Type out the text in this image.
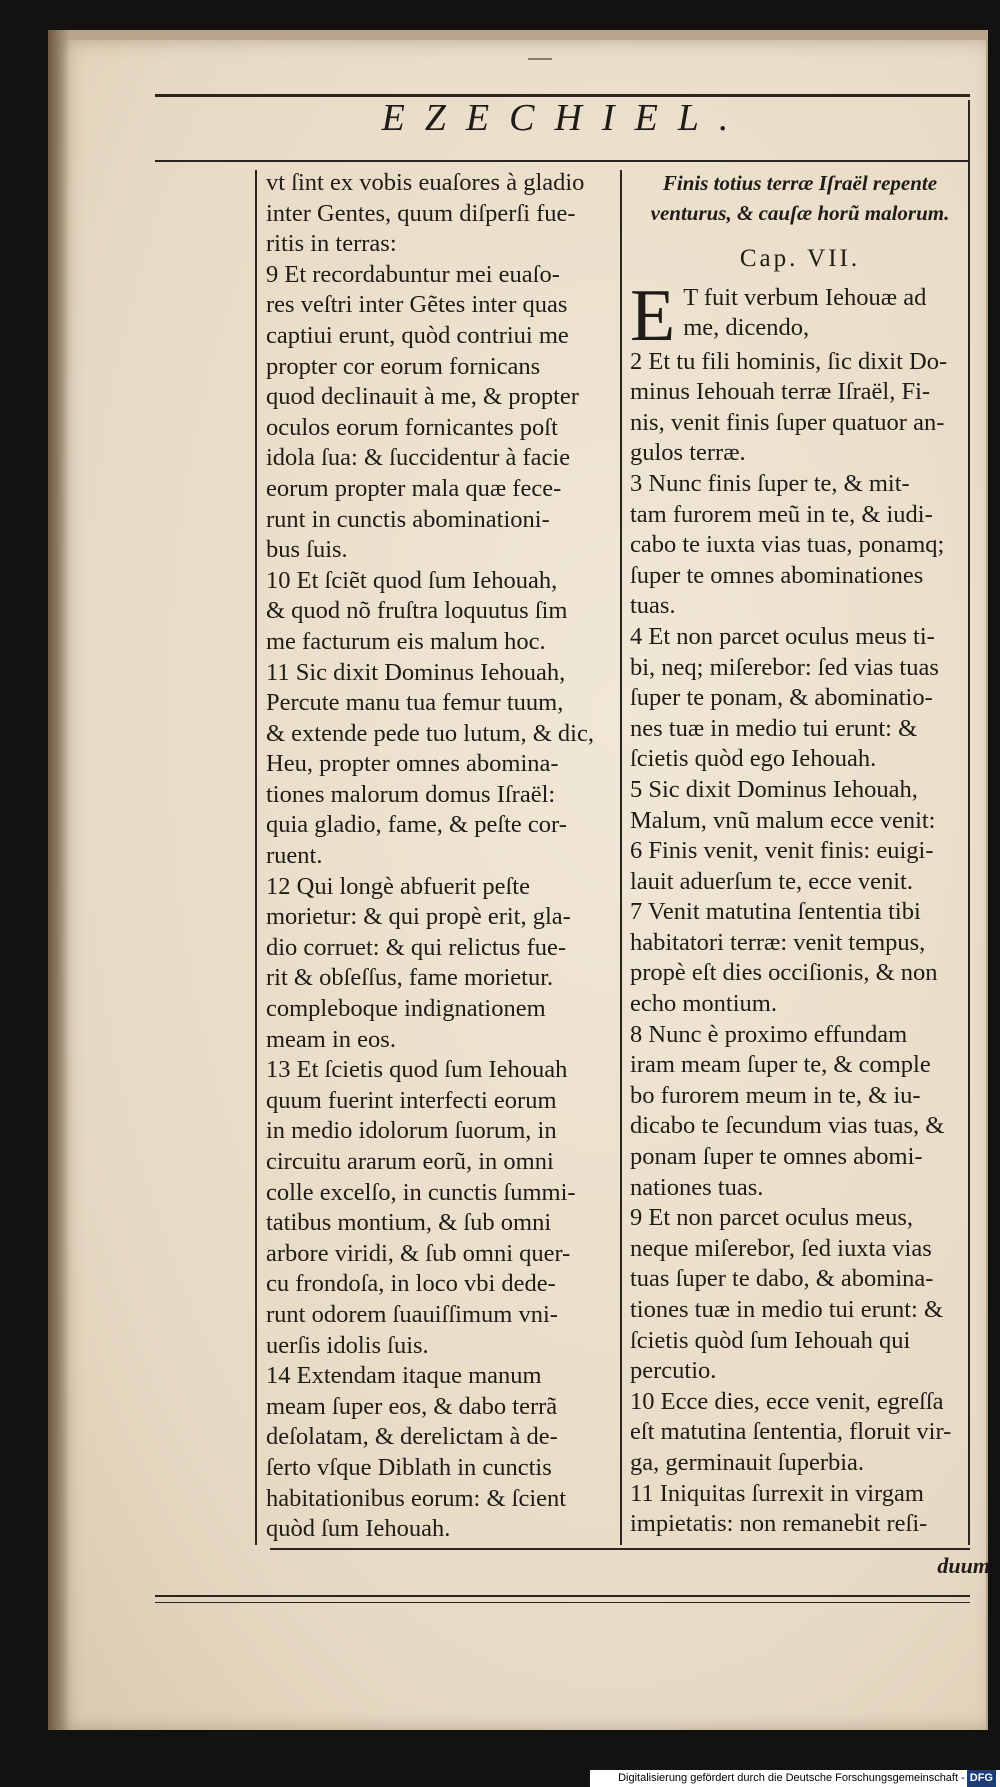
EZECHIEL.

vt ſint ex vobis euaſores à gladio

inter Gentes, quum diſperſi fue-

ritis in terras:

9 Et recordabuntur mei euaſo-

res veſtri inter Gẽtes inter quas

captiui erunt, quòd contriui me

propter cor eorum fornicans

quod declinauit à me, & propter

oculos eorum fornicantes poſt

idola ſua: & ſuccidentur à facie

eorum propter mala quæ fece-

runt in cunctis abominationi-

bus ſuis.

10 Et ſciẽt quod ſum Iehouah,

& quod nõ fruſtra loquutus ſim

me facturum eis malum hoc.

11 Sic dixit Dominus Iehouah,

Percute manu tua femur tuum,

& extende pede tuo lutum, & dic,

Heu, propter omnes abomina-

tiones malorum domus Iſraël:

quia gladio, fame, & peſte cor-

ruent.

12 Qui longè abfuerit peſte

morietur: & qui propè erit, gla-

dio corruet: & qui relictus fue-

rit & obſeſſus, fame morietur.

compleboque indignationem

meam in eos.

13 Et ſcietis quod ſum Iehouah

quum fuerint interfecti eorum

in medio idolorum ſuorum, in

circuitu ararum eorũ, in omni

colle excelſo, in cunctis ſummi-

tatibus montium, & ſub omni

arbore viridi, & ſub omni quer-

cu frondoſa, in loco vbi dede-

runt odorem ſuauiſſimum vni-

uerſis idolis ſuis.

14 Extendam itaque manum

meam ſuper eos, & dabo terrã

deſolatam, & derelictam à de-

ſerto vſque Diblath in cunctis

habitationibus eorum: & ſcient

quòd ſum Iehouah.

Finis totius terræ Iſraël repente

venturus, & cauſæ horũ malorum.

Cap. VII.

E T fuit verbum Iehouæ ad

me, dicendo,

2 Et tu fili hominis, ſic dixit Do-

minus Iehouah terræ Iſraël, Fi-

nis, venit finis ſuper quatuor an-

gulos terræ.

3 Nunc finis ſuper te, & mit-

tam furorem meũ in te, & iudi-

cabo te iuxta vias tuas, ponamq;

ſuper te omnes abominationes

tuas.

4 Et non parcet oculus meus ti-

bi, neq; miſerebor: ſed vias tuas

ſuper te ponam, & abominatio-

nes tuæ in medio tui erunt: &

ſcietis quòd ego Iehouah.

5 Sic dixit Dominus Iehouah,

Malum, vnũ malum ecce venit:

6 Finis venit, venit finis: euigi-

lauit aduerſum te, ecce venit.

7 Venit matutina ſententia tibi

habitatori terræ: venit tempus,

propè eſt dies occiſionis, & non

echo montium.

8 Nunc è proximo effundam

iram meam ſuper te, & comple

bo furorem meum in te, & iu-

dicabo te ſecundum vias tuas, &

ponam ſuper te omnes abomi-

nationes tuas.

9 Et non parcet oculus meus,

neque miſerebor, ſed iuxta vias

tuas ſuper te dabo, & abomina-

tiones tuæ in medio tui erunt: &

ſcietis quòd ſum Iehouah qui

percutio.

10 Ecce dies, ecce venit, egreſſa

eſt matutina ſententia, floruit vir-

ga, germinauit ſuperbia.

11 Iniquitas ſurrexit in virgam

impietatis: non remanebit reſi-

duum
Digitalisierung gefördert durch die Deutsche Forschungsgemeinschaft - DFG
